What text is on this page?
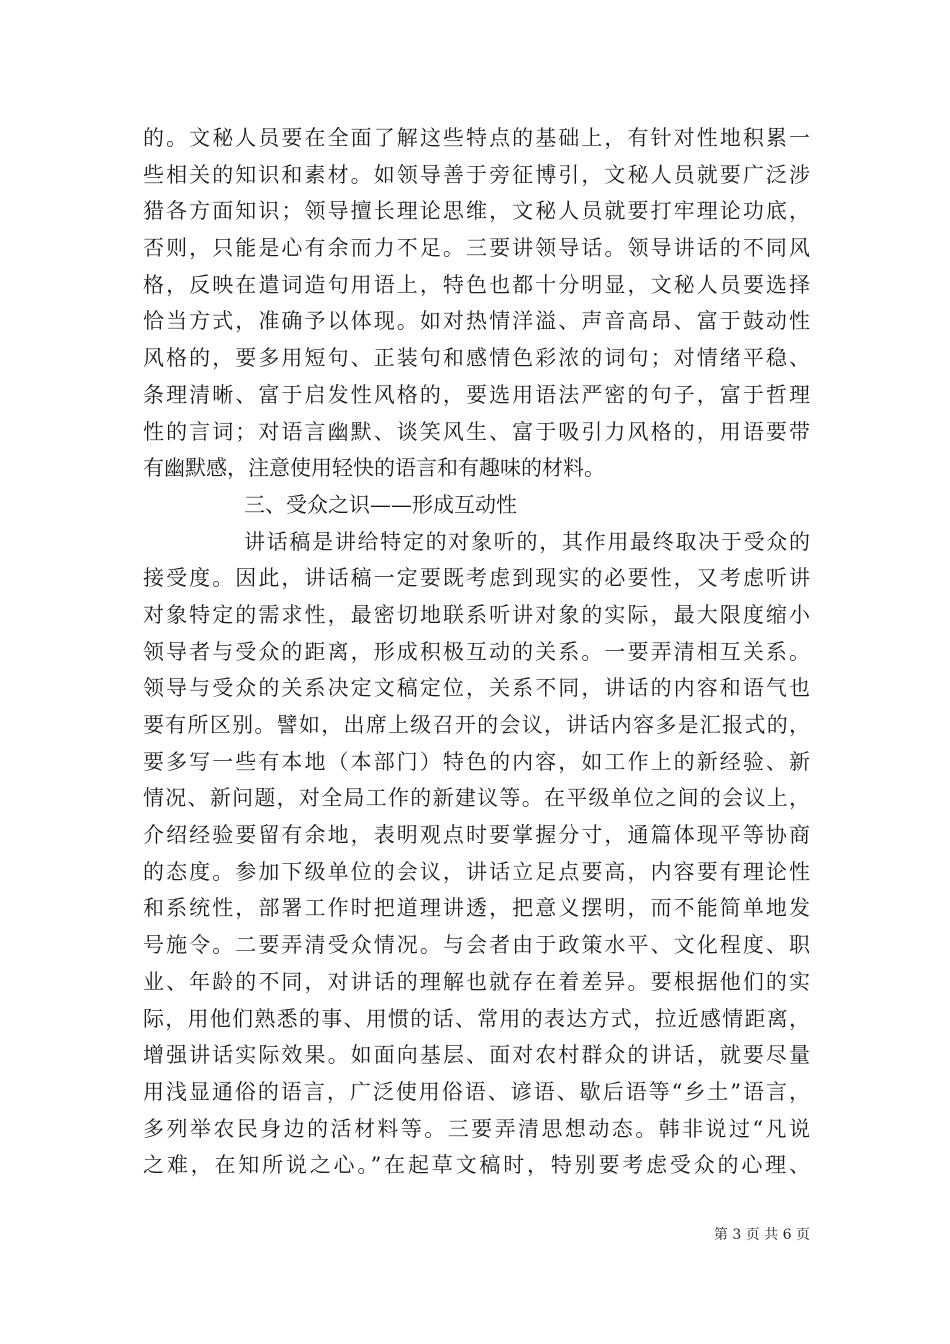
的。文秘人员要在全面了解这些特点的基础上，有针对性地积累一
些相关的知识和素材。如领导善于旁征博引，文秘人员就要广泛涉
猎各方面知识；领导擅长理论思维，文秘人员就要打牢理论功底，
否则，只能是心有余而力不足。三要讲领导话。领导讲话的不同风
格，反映在遣词造句用语上，特色也都十分明显，文秘人员要选择
恰当方式，准确予以体现。如对热情洋溢、声音高昂、富于鼓动性
风格的，要多用短句、正装句和感情色彩浓的词句；对情绪平稳、
条理清晰、富于启发性风格的，要选用语法严密的句子，富于哲理
性的言词；对语言幽默、谈笑风生、富于吸引力风格的，用语要带
有幽默感，注意使用轻快的语言和有趣味的材料。
三、受众之识——形成互动性
讲话稿是讲给特定的对象听的，其作用最终取决于受众的
接受度。因此，讲话稿一定要既考虑到现实的必要性，又考虑听讲
对象特定的需求性，最密切地联系听讲对象的实际，最大限度缩小
领导者与受众的距离，形成积极互动的关系。一要弄清相互关系。
领导与受众的关系决定文稿定位，关系不同，讲话的内容和语气也
要有所区别。譬如，出席上级召开的会议，讲话内容多是汇报式的，
要多写一些有本地（本部门）特色的内容，如工作上的新经验、新
情况、新问题，对全局工作的新建议等。在平级单位之间的会议上，
介绍经验要留有余地，表明观点时要掌握分寸，通篇体现平等协商
的态度。参加下级单位的会议，讲话立足点要高，内容要有理论性
和系统性，部署工作时把道理讲透，把意义摆明，而不能简单地发
号施令。二要弄清受众情况。与会者由于政策水平、文化程度、职
业、年龄的不同，对讲话的理解也就存在着差异。要根据他们的实
际，用他们熟悉的事、用惯的话、常用的表达方式，拉近感情距离，
增强讲话实际效果。如面向基层、面对农村群众的讲话，就要尽量
用浅显通俗的语言，广泛使用俗语、谚语、歇后语等“乡土”语言，
多列举农民身边的活材料等。三要弄清思想动态。韩非说过“凡说
之难，在知所说之心。”在起草文稿时，特别要考虑受众的心理、
第 3 页 共 6 页
